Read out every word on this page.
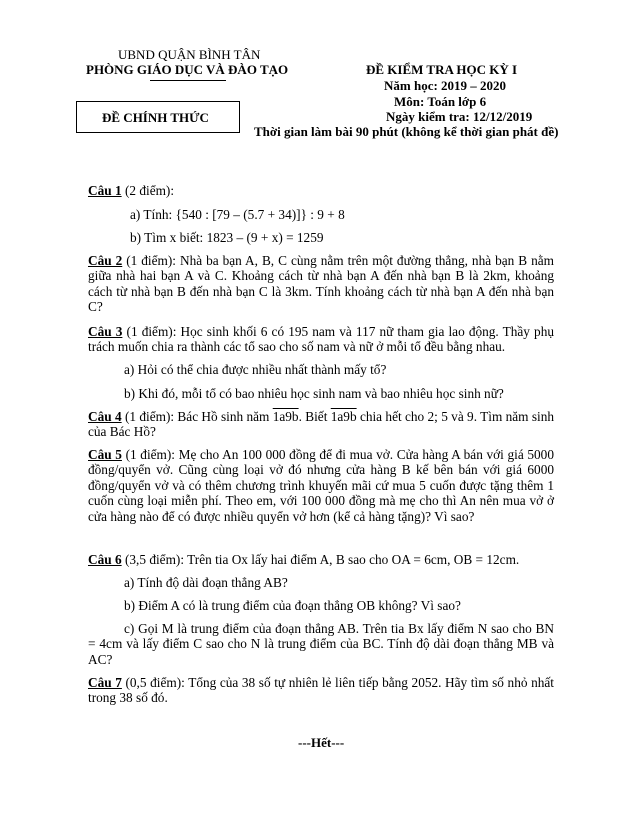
UBND QUẬN BÌNH TÂN
PHÒNG GIÁO DỤC VÀ ĐÀO TẠO
ĐỀ CHÍNH THỨC
ĐỀ KIỂM TRA HỌC KỲ I
Năm học: 2019 – 2020
Môn: Toán lớp 6
Ngày kiểm tra: 12/12/2019
Thời gian làm bài 90 phút (không kể thời gian phát đề)
Câu 1 (2 điểm):
a) Tính: {540 : [79 – (5.7 + 34)]} : 9 + 8
b) Tìm x biết: 1823 – (9 + x) = 1259
Câu 2 (1 điểm): Nhà ba bạn A, B, C cùng nằm trên một đường thẳng, nhà bạn B nằm giữa nhà hai bạn A và C. Khoảng cách từ nhà bạn A đến nhà bạn B là 2km, khoảng cách từ nhà bạn B đến nhà bạn C là 3km. Tính khoảng cách từ nhà bạn A đến nhà bạn C?
Câu 3 (1 điểm): Học sinh khối 6 có 195 nam và 117 nữ tham gia lao động. Thầy phụ trách muốn chia ra thành các tổ sao cho số nam và nữ ở mỗi tổ đều bằng nhau.
a) Hỏi có thể chia được nhiều nhất thành mấy tổ?
b) Khi đó, mỗi tổ có bao nhiêu học sinh nam và bao nhiêu học sinh nữ?
Câu 4 (1 điểm): Bác Hồ sinh năm 1a9b. Biết 1a9b chia hết cho 2; 5 và 9. Tìm năm sinh của Bác Hồ?
Câu 5 (1 điểm): Mẹ cho An 100 000 đồng để đi mua vở. Cửa hàng A bán với giá 5000 đồng/quyển vở. Cũng cùng loại vở đó nhưng cửa hàng B kế bên bán với giá 6000 đồng/quyển vở và có thêm chương trình khuyến mãi cứ mua 5 cuốn được tặng thêm 1 cuốn cùng loại miễn phí. Theo em, với 100 000 đồng mà mẹ cho thì An nên mua vở ở cửa hàng nào để có được nhiều quyển vở hơn (kể cả hàng tặng)? Vì sao?
Câu 6 (3,5 điểm): Trên tia Ox lấy hai điểm A, B sao cho OA = 6cm, OB = 12cm.
a) Tính độ dài đoạn thẳng AB?
b) Điểm A có là trung điểm của đoạn thẳng OB không? Vì sao?
c) Gọi M là trung điểm của đoạn thẳng AB. Trên tia Bx lấy điểm N sao cho BN = 4cm và lấy điểm C sao cho N là trung điểm của BC. Tính độ dài đoạn thẳng MB và AC?
Câu 7 (0,5 điểm): Tổng của 38 số tự nhiên lẻ liên tiếp bằng 2052. Hãy tìm số nhỏ nhất trong 38 số đó.
---Hết---
